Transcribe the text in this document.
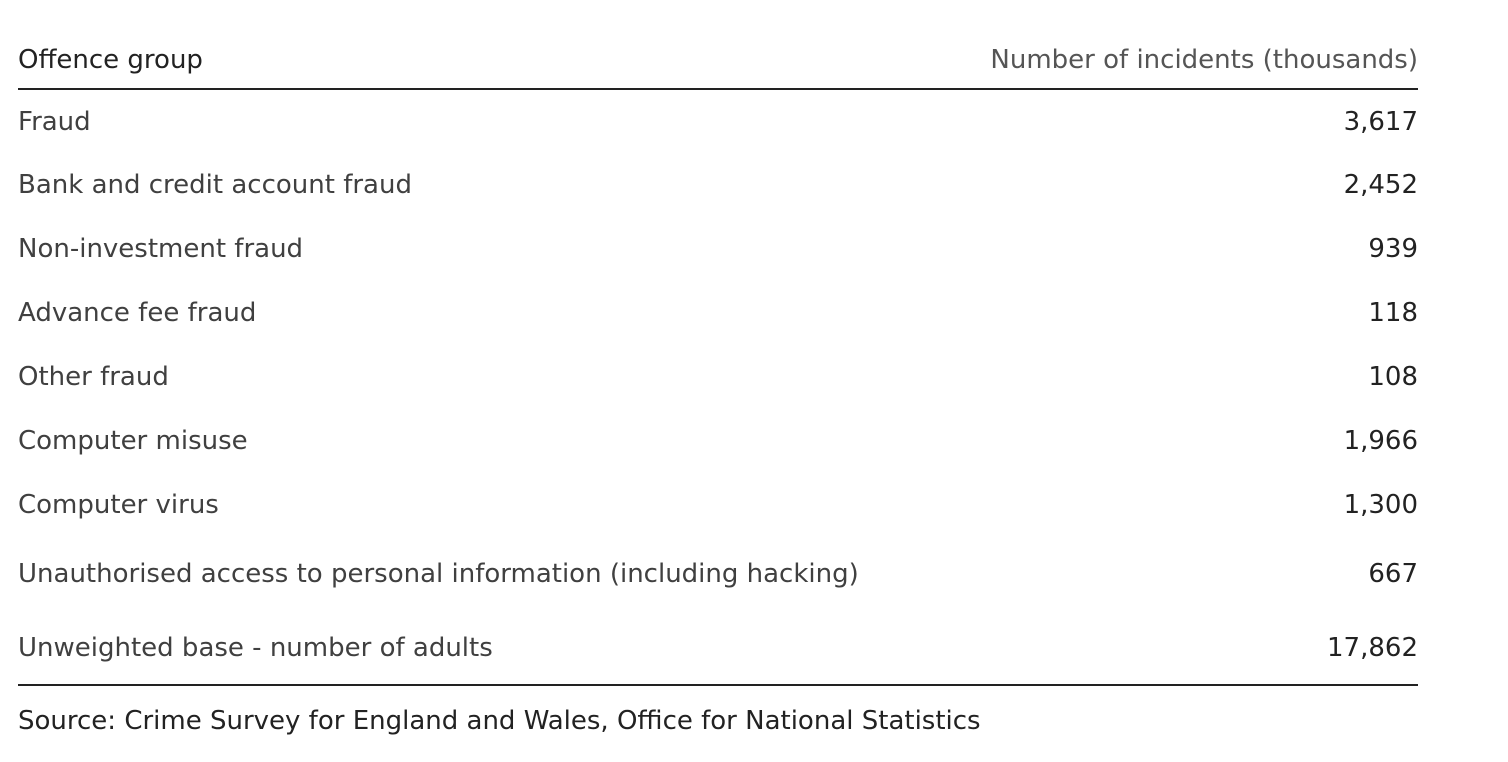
Offence group	Number of incidents (thousands)
Fraud	3,617
Bank and credit account fraud	2,452
Non-investment fraud	939
Advance fee fraud	118
Other fraud	108
Computer misuse	1,966
Computer virus	1,300
Unauthorised access to personal information (including hacking)	667
Unweighted base - number of adults	17,862
Source: Crime Survey for England and Wales, Office for National Statistics
